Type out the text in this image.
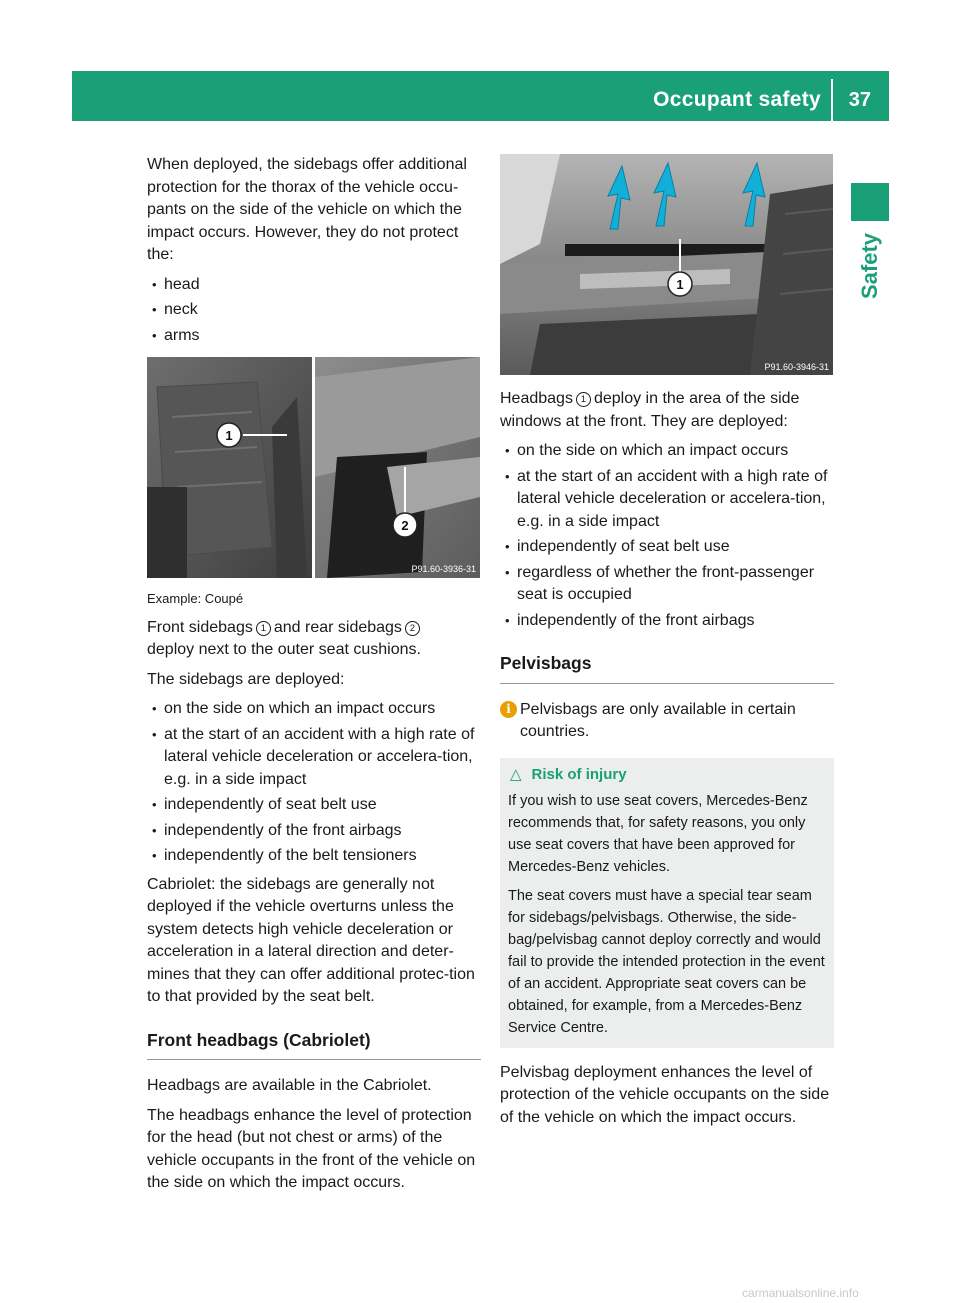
Occupant safety 37
Safety

When deployed, the sidebags offer additional protection for the thorax of the vehicle occu-pants on the side of the vehicle on which the impact occurs. However, they do not protect the:

• head
• neck
• arms
1
2
P91.60-3936-31
Example: Coupé

Front sidebags 1 and rear sidebags 2
deploy next to the outer seat cushions.

The sidebags are deployed:

• on the side on which an impact occurs
• at the start of an accident with a high rate of lateral vehicle deceleration or accelera-tion, e.g. in a side impact
• independently of seat belt use
• independently of the front airbags
• independently of the belt tensioners

Cabriolet: the sidebags are generally not deployed if the vehicle overturns unless the system detects high vehicle deceleration or acceleration in a lateral direction and deter-mines that they can offer additional protec-tion to that provided by the seat belt.

Front headbags (Cabriolet)

Headbags are available in the Cabriolet.

The headbags enhance the level of protection for the head (but not chest or arms) of the vehicle occupants in the front of the vehicle on the side on which the impact occurs.

1
P91.60-3946-31

Headbags 1 deploy in the area of the side windows at the front. They are deployed:

• on the side on which an impact occurs
• at the start of an accident with a high rate of lateral vehicle deceleration or accelera-tion, e.g. in a side impact
• independently of seat belt use
• regardless of whether the front-passenger seat is occupied
• independently of the front airbags
Pelvisbags
i Pelvisbags are only available in certain countries.
△ Risk of injury

If you wish to use seat covers, Mercedes-Benz recommends that, for safety reasons, you only use seat covers that have been approved for Mercedes-Benz vehicles.

The seat covers must have a special tear seam for sidebags/pelvisbags. Otherwise, the side-bag/pelvisbag cannot deploy correctly and would fail to provide the intended protection in the event of an accident. Appropriate seat covers can be obtained, for example, from a Mercedes-Benz Service Centre.

Pelvisbag deployment enhances the level of protection of the vehicle occupants on the side of the vehicle on which the impact occurs.

carmanualsonline.info
